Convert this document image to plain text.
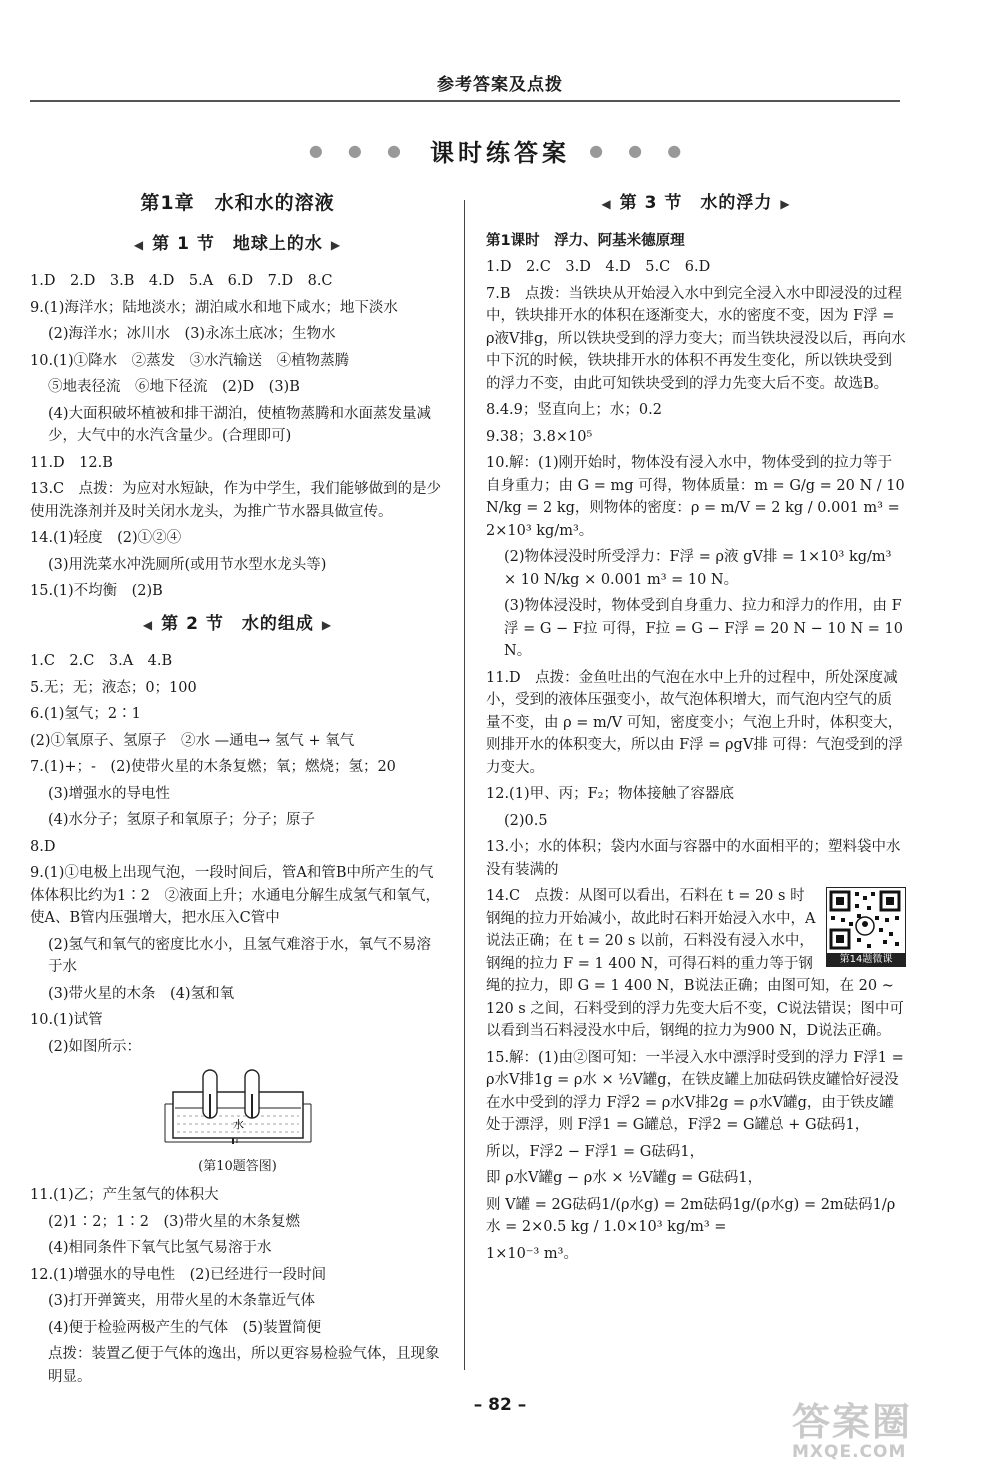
参考答案及点拨
● ● ● 课时练答案 ● ● ●
第1章　水和水的溶液
◀ 第 1 节　地球上的水 ▶
1.D　2.D　3.B　4.D　5.A　6.D　7.D　8.C
9.(1)海洋水；陆地淡水；湖泊咸水和地下咸水；地下淡水
(2)海洋水；冰川水　(3)永冻土底冰；生物水
10.(1)①降水　②蒸发　③水汽输送　④植物蒸腾
⑤地表径流　⑥地下径流　(2)D　(3)B
(4)大面积破坏植被和排干湖泊，使植物蒸腾和水面蒸发量减少，大气中的水汽含量少。(合理即可)
11.D　12.B
13.C　点拨：为应对水短缺，作为中学生，我们能够做到的是少使用洗涤剂并及时关闭水龙头，为推广节水器具做宣传。
14.(1)轻度　(2)①②④
(3)用洗菜水冲洗厕所(或用节水型水龙头等)
15.(1)不均衡　(2)B
◀ 第 2 节　水的组成 ▶
1.C　2.C　3.A　4.B
5.无；无；液态；0；100
6.(1)氢气；2∶1
(2)①氧原子、氢原子　②水 —通电→ 氢气 + 氧气
7.(1)+；-　(2)使带火星的木条复燃；氧；燃烧；氢；20
(3)增强水的导电性
(4)水分子；氢原子和氧原子；分子；原子
8.D
9.(1)①电极上出现气泡，一段时间后，管A和管B中所产生的气体体积比约为1∶2　②液面上升；水通电分解生成氢气和氧气，使A、B管内压强增大，把水压入C管中
(2)氢气和氧气的密度比水小，且氢气难溶于水，氧气不易溶于水
(3)带火星的木条　(4)氢和氧
10.(1)试管
(2)如图所示：
水
(第10题答图)
11.(1)乙；产生氢气的体积大
(2)1∶2；1∶2　(3)带火星的木条复燃
(4)相同条件下氧气比氢气易溶于水
12.(1)增强水的导电性　(2)已经进行一段时间
(3)打开弹簧夹，用带火星的木条靠近气体
(4)便于检验两极产生的气体　(5)装置简便
点拨：装置乙便于气体的逸出，所以更容易检验气体，且现象明显。
◀ 第 3 节　水的浮力 ▶
第1课时　浮力、阿基米德原理
1.D　2.C　3.D　4.D　5.C　6.D
7.B　点拨：当铁块从开始浸入水中到完全浸入水中即浸没的过程中，铁块排开水的体积在逐渐变大，水的密度不变，因为 F浮 = ρ液V排g，所以铁块受到的浮力变大；而当铁块浸没以后，再向水中下沉的时候，铁块排开水的体积不再发生变化，所以铁块受到的浮力不变，由此可知铁块受到的浮力先变大后不变。故选B。
8.4.9；竖直向上；水；0.2
9.38；3.8×10⁵
10.解：(1)刚开始时，物体没有浸入水中，物体受到的拉力等于自身重力；由 G = mg 可得，物体质量：m = G/g = 20 N / 10 N/kg = 2 kg，则物体的密度：ρ = m/V = 2 kg / 0.001 m³ = 2×10³ kg/m³。
(2)物体浸没时所受浮力：F浮 = ρ液 gV排 = 1×10³ kg/m³ × 10 N/kg × 0.001 m³ = 10 N。
(3)物体浸没时，物体受到自身重力、拉力和浮力的作用，由 F浮 = G − F拉 可得，F拉 = G − F浮 = 20 N − 10 N = 10 N。
11.D　点拨：金鱼吐出的气泡在水中上升的过程中，所处深度减小，受到的液体压强变小，故气泡体积增大，而气泡内空气的质量不变，由 ρ = m/V 可知，密度变小；气泡上升时，体积变大，则排开水的体积变大，所以由 F浮 = ρgV排 可得：气泡受到的浮力变大。
12.(1)甲、丙；F₂；物体接触了容器底
(2)0.5
13.小；水的体积；袋内水面与容器中的水面相平的；塑料袋中水没有装满的
第14题微课
14.C　点拨：从图可以看出，石料在 t = 20 s 时钢绳的拉力开始减小，故此时石料开始浸入水中，A说法正确；在 t = 20 s 以前，石料没有浸入水中，钢绳的拉力 F = 1 400 N，可得石料的重力等于钢绳的拉力，即 G = 1 400 N，B说法正确；由图可知，在 20 ~ 120 s 之间，石料受到的浮力先变大后不变，C说法错误；图中可以看到当石料浸没水中后，钢绳的拉力为900 N，D说法正确。
15.解：(1)由②图可知：一半浸入水中漂浮时受到的浮力 F浮1 = ρ水V排1g = ρ水 × ½V罐g，在铁皮罐上加砝码铁皮罐恰好浸没在水中受到的浮力 F浮2 = ρ水V排2g = ρ水V罐g，由于铁皮罐处于漂浮，则 F浮1 = G罐总，F浮2 = G罐总 + G砝码1，
所以，F浮2 − F浮1 = G砝码1，
即 ρ水V罐g − ρ水 × ½V罐g = G砝码1，
则 V罐 = 2G砝码1/(ρ水g) = 2m砝码1g/(ρ水g) = 2m砝码1/ρ水 = 2×0.5 kg / 1.0×10³ kg/m³ =
1×10⁻³ m³。
– 82 –	答案圈
MXQE.COM
